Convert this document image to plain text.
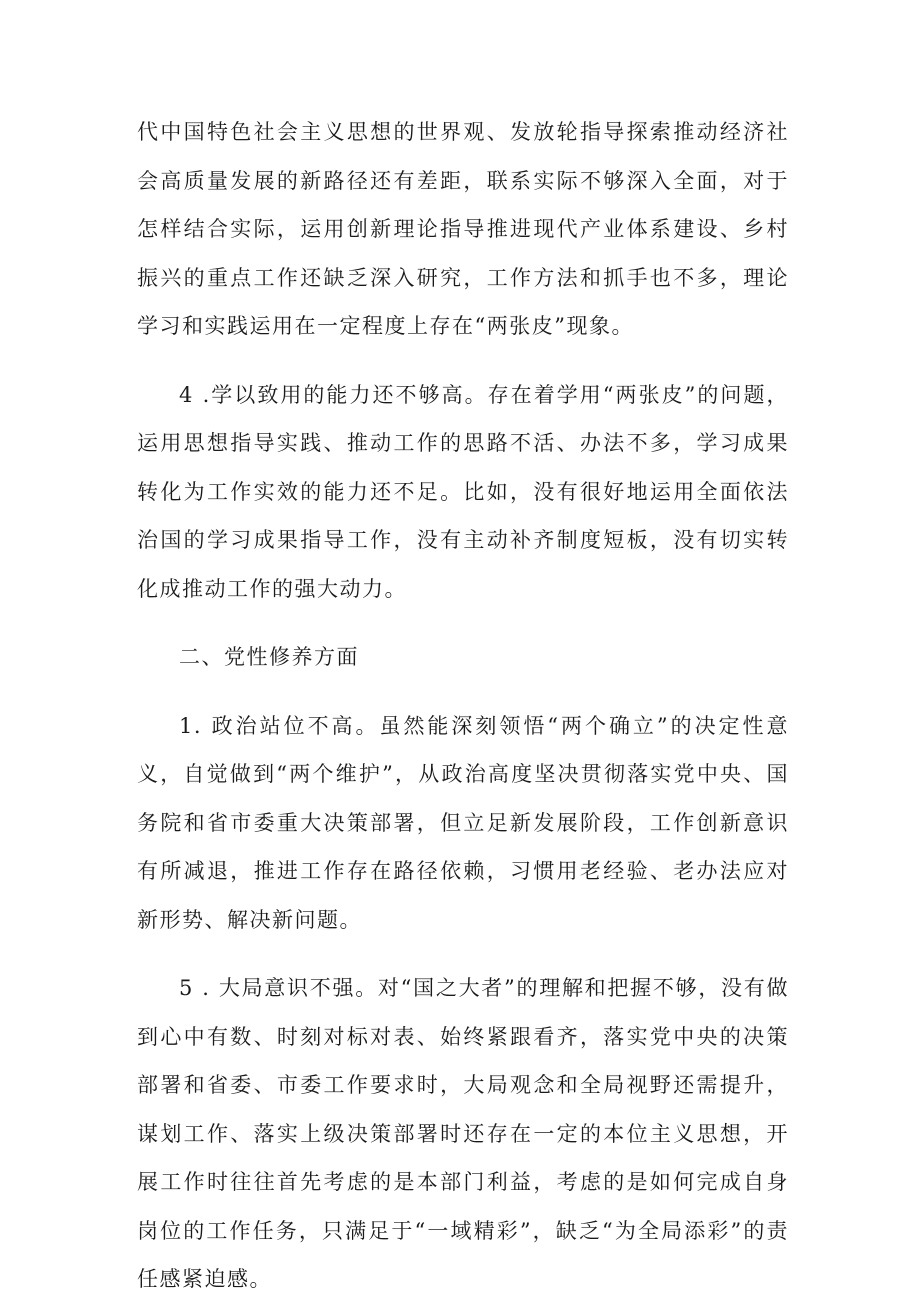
代中国特色社会主义思想的世界观、发放轮指导探索推动经济社会高质量发展的新路径还有差距，联系实际不够深入全面，对于怎样结合实际，运用创新理论指导推进现代产业体系建设、乡村振兴的重点工作还缺乏深入研究，工作方法和抓手也不多，理论学习和实践运用在一定程度上存在“两张皮”现象。

4 .学以致用的能力还不够高。存在着学用“两张皮”的问题，运用思想指导实践、推动工作的思路不活、办法不多，学习成果转化为工作实效的能力还不足。比如，没有很好地运用全面依法治国的学习成果指导工作，没有主动补齐制度短板，没有切实转化成推动工作的强大动力。

二、党性修养方面

1. 政治站位不高。虽然能深刻领悟“两个确立”的决定性意义，自觉做到“两个维护”，从政治高度坚决贯彻落实党中央、国务院和省市委重大决策部署，但立足新发展阶段，工作创新意识有所减退，推进工作存在路径依赖，习惯用老经验、老办法应对新形势、解决新问题。

5 . 大局意识不强。对“国之大者”的理解和把握不够，没有做到心中有数、时刻对标对表、始终紧跟看齐，落实党中央的决策部署和省委、市委工作要求时，大局观念和全局视野还需提升，谋划工作、落实上级决策部署时还存在一定的本位主义思想，开展工作时往往首先考虑的是本部门利益，考虑的是如何完成自身岗位的工作任务，只满足于“一域精彩”，缺乏“为全局添彩”的责任感紧迫感。
